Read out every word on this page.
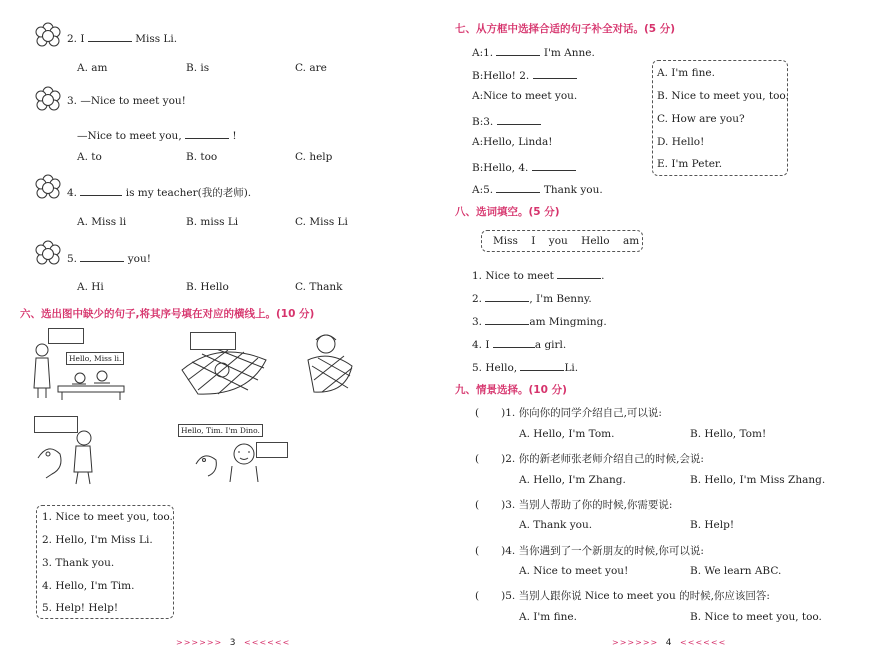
2. I	Miss Li.
A. am	B. is	C. are
3. —Nice to meet you!
—Nice to meet you,	!
A. to	B. too	C. help
4.	is my teacher(我的老师).
A. Miss li	B. miss Li	C. Miss Li
5.	you!
A. Hi	B. Hello	C. Thank
六、选出图中缺少的句子,将其序号填在对应的横线上。(10 分)
Hello, Miss li.
Hello, Tim. I'm Dino.
1. Nice to meet you, too.
2. Hello, I'm Miss Li.
3. Thank you.
4. Hello, I'm Tim.
5. Help! Help!
>>>>>> 3 <<<<<<
七、从方框中选择合适的句子补全对话。(5 分)
A:1.	I'm Anne.
B:Hello! 2.
A:Nice to meet you.
B:3.
A:Hello, Linda!
B:Hello, 4.
A:5.	Thank you.
A. I'm fine.
B. Nice to meet you, too.
C. How are you?
D. Hello!
E. I'm Peter.
八、选词填空。(5 分)
Miss I you Hello am
1. Nice to meet	.
2.	, I'm Benny.
3.	am Mingming.
4. I	a girl.
5. Hello,	Li.
九、情景选择。(10 分)
( )1. 你向你的同学介绍自己,可以说:
A. Hello, I'm Tom.	B. Hello, Tom!
( )2. 你的新老师张老师介绍自己的时候,会说:
A. Hello, I'm Zhang.	B. Hello, I'm Miss Zhang.
( )3. 当别人帮助了你的时候,你需要说:
A. Thank you.	B. Help!
( )4. 当你遇到了一个新朋友的时候,你可以说:
A. Nice to meet you!	B. We learn ABC.
( )5. 当别人跟你说 Nice to meet you 的时候,你应该回答:
A. I'm fine.	B. Nice to meet you, too.
>>>>>> 4 <<<<<<
